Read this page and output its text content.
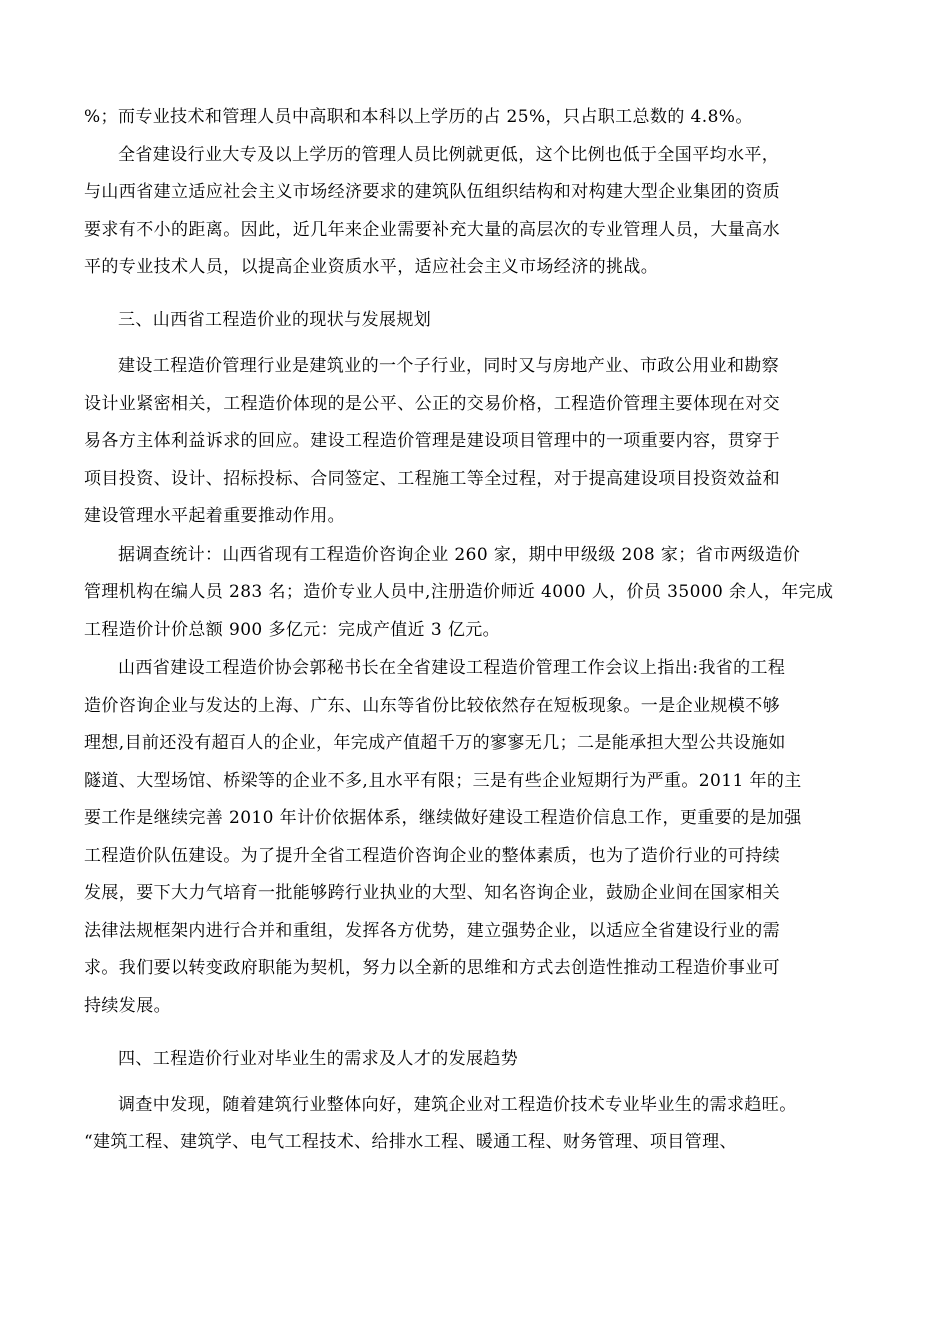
%；而专业技术和管理人员中高职和本科以上学历的占 25%，只占职工总数的 4.8%。
全省建设行业大专及以上学历的管理人员比例就更低，这个比例也低于全国平均水平，
与山西省建立适应社会主义市场经济要求的建筑队伍组织结构和对构建大型企业集团的资质
要求有不小的距离。因此，近几年来企业需要补充大量的高层次的专业管理人员，大量高水
平的专业技术人员，以提高企业资质水平，适应社会主义市场经济的挑战。
三、山西省工程造价业的现状与发展规划
建设工程造价管理行业是建筑业的一个子行业，同时又与房地产业、市政公用业和勘察
设计业紧密相关，工程造价体现的是公平、公正的交易价格，工程造价管理主要体现在对交
易各方主体利益诉求的回应。建设工程造价管理是建设项目管理中的一项重要内容，贯穿于
项目投资、设计、招标投标、合同签定、工程施工等全过程，对于提高建设项目投资效益和
建设管理水平起着重要推动作用。
据调查统计：山西省现有工程造价咨询企业 260 家，期中甲级级 208 家；省市两级造价
管理机构在编人员 283 名；造价专业人员中,注册造价师近 4000 人，价员 35000 余人，年完成
工程造价计价总额 900 多亿元：完成产值近 3 亿元。
山西省建设工程造价协会郭秘书长在全省建设工程造价管理工作会议上指出:我省的工程
造价咨询企业与发达的上海、广东、山东等省份比较依然存在短板现象。一是企业规模不够
理想,目前还没有超百人的企业，年完成产值超千万的寥寥无几；二是能承担大型公共设施如
隧道、大型场馆、桥梁等的企业不多,且水平有限；三是有些企业短期行为严重。2011 年的主
要工作是继续完善 2010 年计价依据体系，继续做好建设工程造价信息工作，更重要的是加强
工程造价队伍建设。为了提升全省工程造价咨询企业的整体素质，也为了造价行业的可持续
发展，要下大力气培育一批能够跨行业执业的大型、知名咨询企业，鼓励企业间在国家相关
法律法规框架内进行合并和重组，发挥各方优势，建立强势企业，以适应全省建设行业的需
求。我们要以转变政府职能为契机，努力以全新的思维和方式去创造性推动工程造价事业可
持续发展。
四、工程造价行业对毕业生的需求及人才的发展趋势
调查中发现，随着建筑行业整体向好，建筑企业对工程造价技术专业毕业生的需求趋旺。
“建筑工程、建筑学、电气工程技术、给排水工程、暖通工程、财务管理、项目管理、
